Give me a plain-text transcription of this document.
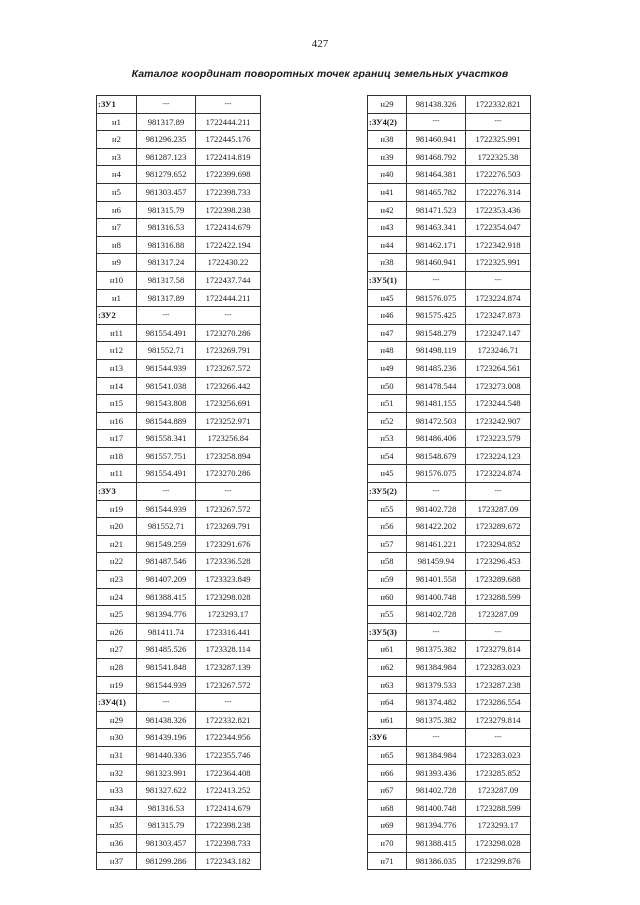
427
Каталог координат поворотных точек границ земельных участков
:ЗУ1	---	---
н1	981317.89	1722444.211
н2	981296.235	1722445.176
н3	981287.123	1722414.819
н4	981279.652	1722399.698
н5	981303.457	1722398.733
н6	981315.79	1722398.238
н7	981316.53	1722414.679
н8	981316.88	1722422.194
н9	981317.24	1722430.22
н10	981317.58	1722437.744
н1	981317.89	1722444.211
:ЗУ2	---	---
н11	981554.491	1723270.286
н12	981552.71	1723269.791
н13	981544.939	1723267.572
н14	981541.038	1723266.442
н15	981543.808	1723256.691
н16	981544.889	1723252.971
н17	981558.341	1723256.84
н18	981557.751	1723258.894
н11	981554.491	1723270.286
:ЗУ3	---	---
н19	981544.939	1723267.572
н20	981552.71	1723269.791
н21	981549.259	1723291.676
н22	981487.546	1723336.528
н23	981407.209	1723323.849
н24	981388.415	1723298.028
н25	981394.776	1723293.17
н26	981411.74	1723316.441
н27	981485.526	1723328.114
н28	981541.848	1723287.139
н19	981544.939	1723267.572
:ЗУ4(1)	---	---
н29	981438.326	1722332.821
н30	981439.196	1722344.956
н31	981440.336	1722355.746
н32	981323.991	1722364.408
н33	981327.622	1722413.252
н34	981316.53	1722414.679
н35	981315.79	1722398.238
н36	981303.457	1722398.733
н37	981299.286	1722343.182
н29	981438.326	1722332.821
:ЗУ4(2)	---	---
н38	981460.941	1722325.991
н39	981468.792	1722325.38
н40	981464.381	1722276.503
н41	981465.782	1722276.314
н42	981471.523	1722353.436
н43	981463.341	1722354.047
н44	981462.171	1722342.918
н38	981460.941	1722325.991
:ЗУ5(1)	---	---
н45	981576.075	1723224.874
н46	981575.425	1723247.873
н47	981548.279	1723247.147
н48	981498.119	1723246.71
н49	981485.236	1723264.561
н50	981478.544	1723273.008
н51	981481.155	1723244.548
н52	981472.503	1723242.907
н53	981486.406	1723223.579
н54	981548.679	1723224.123
н45	981576.075	1723224.874
:ЗУ5(2)	---	---
н55	981402.728	1723287.09
н56	981422.202	1723289.672
н57	981461.221	1723294.852
н58	981459.94	1723296.453
н59	981401.558	1723289.688
н60	981400.748	1723288.599
н55	981402.728	1723287.09
:ЗУ5(3)	---	---
н61	981375.382	1723279.814
н62	981384.984	1723283.023
н63	981379.533	1723287.238
н64	981374.482	1723286.554
н61	981375.382	1723279.814
:ЗУ6	---	---
н65	981384.984	1723283.023
н66	981393.436	1723285.852
н67	981402.728	1723287.09
н68	981400.748	1723288.599
н69	981394.776	1723293.17
н70	981388.415	1723298.028
н71	981386.035	1723299.876
